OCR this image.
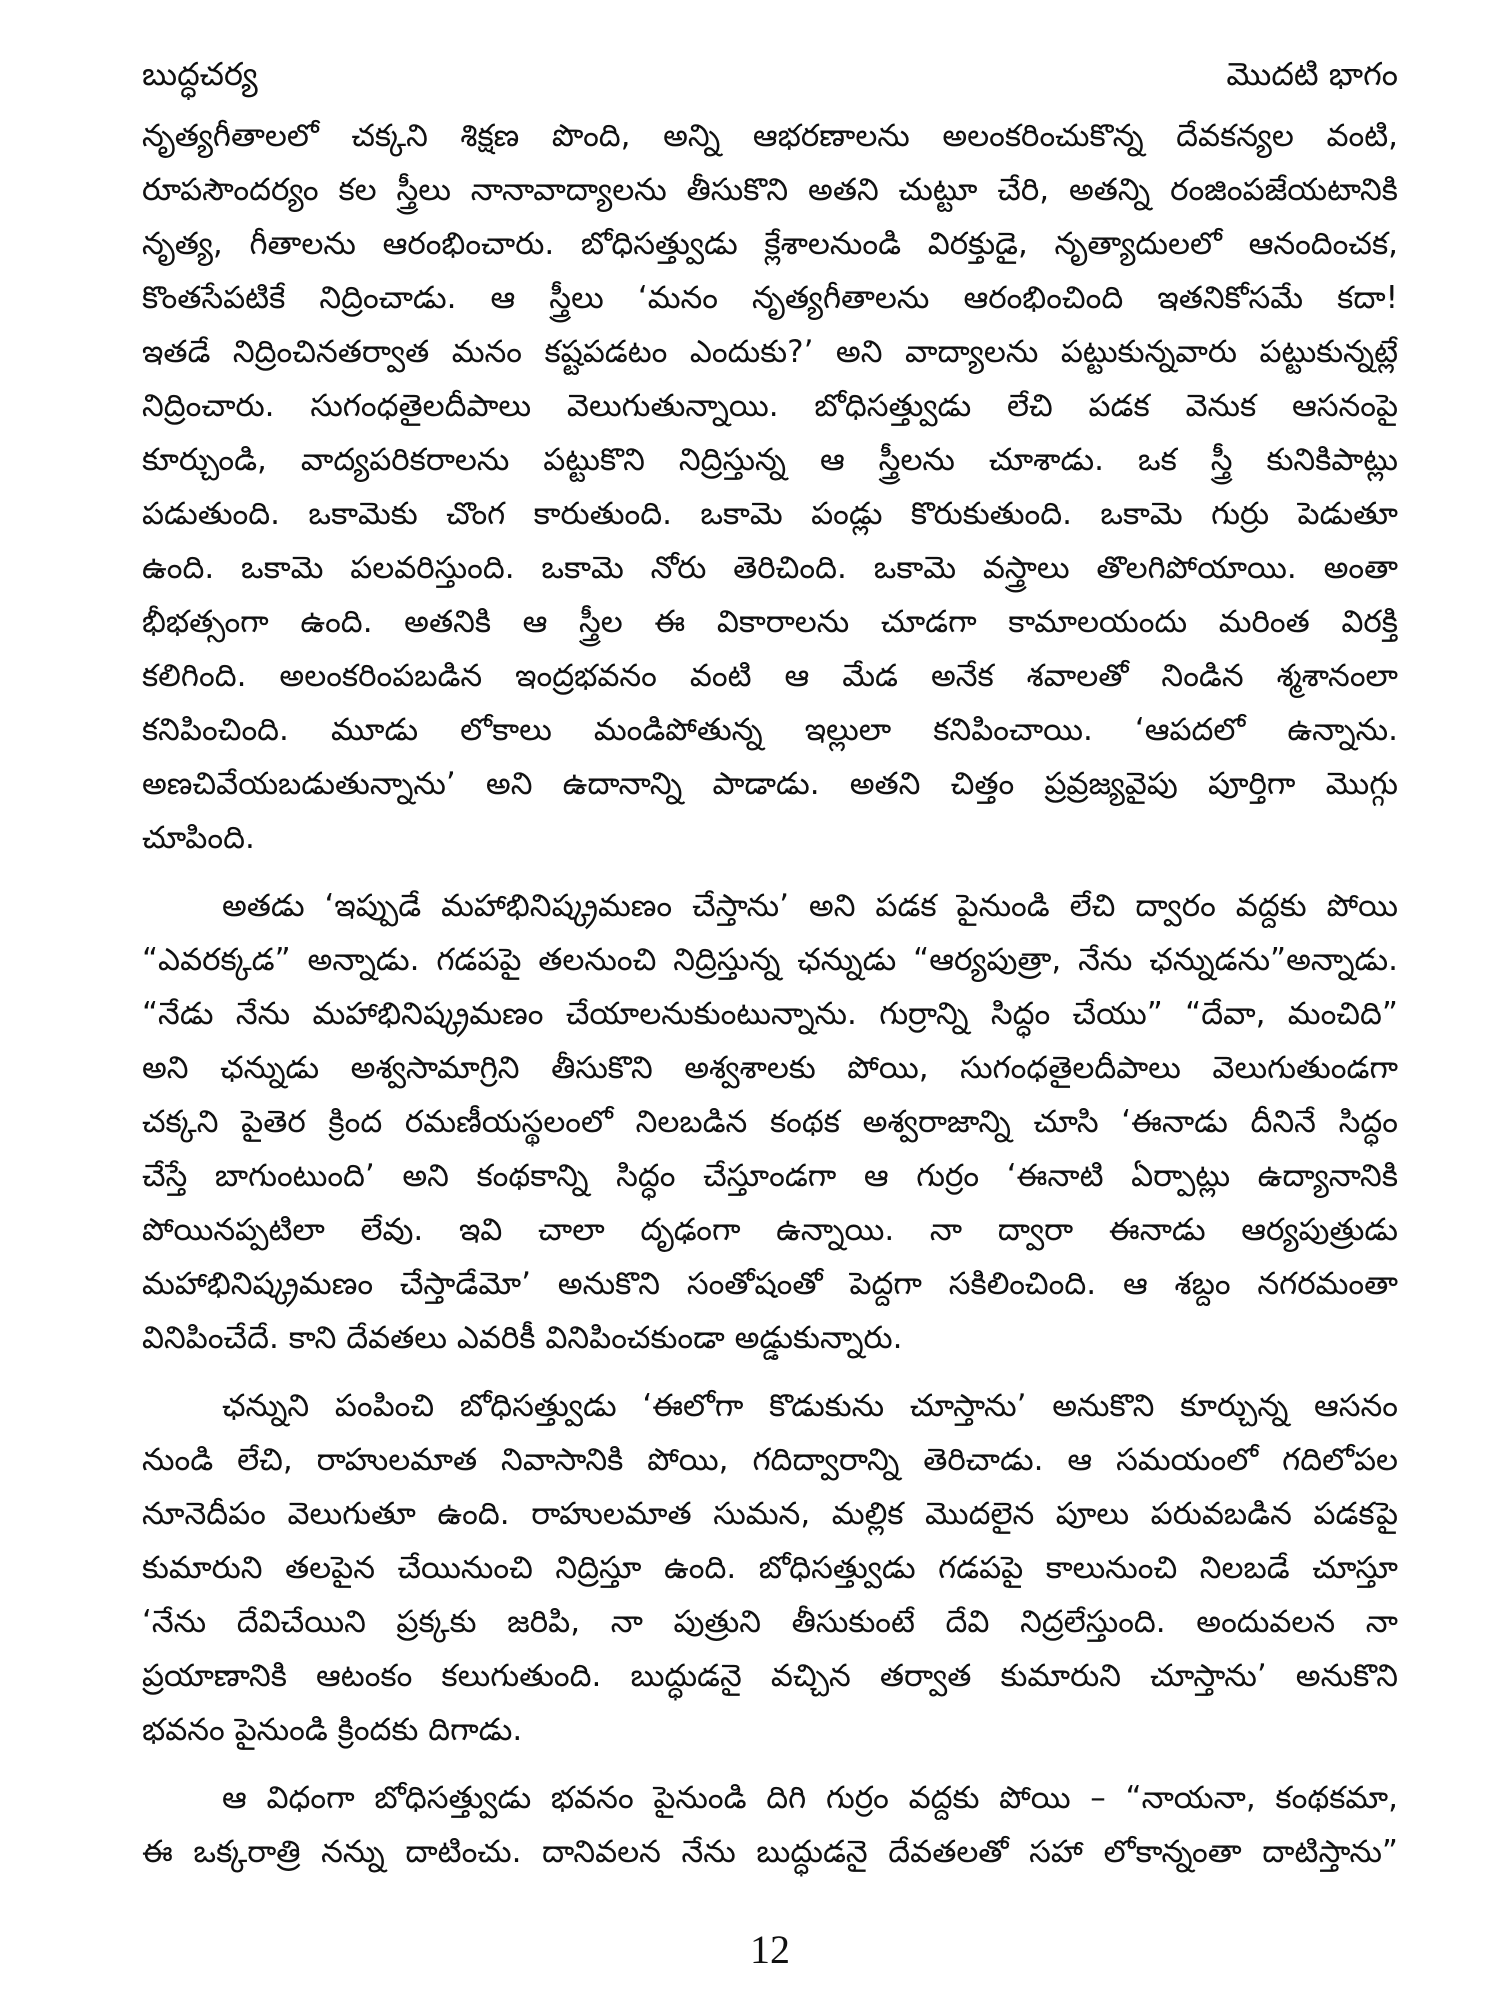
బుద్ధచర్య	మొదటి భాగం
నృత్యగీతాలలో చక్కని శిక్షణ పొంది, అన్ని ఆభరణాలను అలంకరించుకొన్న దేవకన్యల వంటి,
రూపసౌందర్యం కల స్త్రీలు నానావాద్యాలను తీసుకొని అతని చుట్టూ చేరి, అతన్ని రంజింపజేయటానికి
నృత్య, గీతాలను ఆరంభించారు. బోధిసత్త్వుడు క్లేశాలనుండి విరక్తుడై, నృత్యాదులలో ఆనందించక,
కొంతసేపటికే నిద్రించాడు. ఆ స్త్రీలు ‘మనం నృత్యగీతాలను ఆరంభించింది ఇతనికోసమే కదా!
ఇతడే నిద్రించినతర్వాత మనం కష్టపడటం ఎందుకు?’ అని వాద్యాలను పట్టుకున్నవారు పట్టుకున్నట్లే
నిద్రించారు. సుగంధతైలదీపాలు వెలుగుతున్నాయి. బోధిసత్త్వుడు లేచి పడక వెనుక ఆసనంపై
కూర్చుండి, వాద్యపరికరాలను పట్టుకొని నిద్రిస్తున్న ఆ స్త్రీలను చూశాడు. ఒక స్త్రీ కునికిపాట్లు
పడుతుంది. ఒకామెకు చొంగ కారుతుంది. ఒకామె పండ్లు కొరుకుతుంది. ఒకామె గుర్రు పెడుతూ
ఉంది. ఒకామె పలవరిస్తుంది. ఒకామె నోరు తెరిచింది. ఒకామె వస్త్రాలు తొలగిపోయాయి. అంతా
భీభత్సంగా ఉంది. అతనికి ఆ స్త్రీల ఈ వికారాలను చూడగా కామాలయందు మరింత విరక్తి
కలిగింది. అలంకరింపబడిన ఇంద్రభవనం వంటి ఆ మేడ అనేక శవాలతో నిండిన శ్మశానంలా
కనిపించింది. మూడు లోకాలు మండిపోతున్న ఇల్లులా కనిపించాయి. ‘ఆపదలో ఉన్నాను.
అణచివేయబడుతున్నాను’ అని ఉదానాన్ని పాడాడు. అతని చిత్తం ప్రవ్రజ్యవైపు పూర్తిగా మొగ్గు
చూపింది.
అతడు ‘ఇప్పుడే మహాభినిష్క్రమణం చేస్తాను’ అని పడక పైనుండి లేచి ద్వారం వద్దకు పోయి
“ఎవరక్కడ” అన్నాడు. గడపపై తలనుంచి నిద్రిస్తున్న ఛన్నుడు “ఆర్యపుత్రా, నేను ఛన్నుడను”అన్నాడు.
“నేడు నేను మహాభినిష్క్రమణం చేయాలనుకుంటున్నాను. గుర్రాన్ని సిద్ధం చేయు” “దేవా, మంచిది”
అని ఛన్నుడు అశ్వసామాగ్రిని తీసుకొని అశ్వశాలకు పోయి, సుగంధతైలదీపాలు వెలుగుతుండగా
చక్కని పైతెర క్రింద రమణీయస్థలంలో నిలబడిన కంథక అశ్వరాజాన్ని చూసి ‘ఈనాడు దీనినే సిద్ధం
చేస్తే బాగుంటుంది’ అని కంథకాన్ని సిద్ధం చేస్తూండగా ఆ గుర్రం ‘ఈనాటి ఏర్పాట్లు ఉద్యానానికి
పోయినప్పటిలా లేవు. ఇవి చాలా దృఢంగా ఉన్నాయి. నా ద్వారా ఈనాడు ఆర్యపుత్రుడు
మహాభినిష్క్రమణం చేస్తాడేమో’ అనుకొని సంతోషంతో పెద్దగా సకిలించింది. ఆ శబ్దం నగరమంతా
వినిపించేదే. కాని దేవతలు ఎవరికీ వినిపించకుండా అడ్డుకున్నారు.
ఛన్నుని పంపించి బోధిసత్త్వుడు ‘ఈలోగా కొడుకును చూస్తాను’ అనుకొని కూర్చున్న ఆసనం
నుండి లేచి, రాహులమాత నివాసానికి పోయి, గదిద్వారాన్ని తెరిచాడు. ఆ సమయంలో గదిలోపల
నూనెదీపం వెలుగుతూ ఉంది. రాహులమాత సుమన, మల్లిక మొదలైన పూలు పరువబడిన పడకపై
కుమారుని తలపైన చేయినుంచి నిద్రిస్తూ ఉంది. బోధిసత్త్వుడు గడపపై కాలునుంచి నిలబడే చూస్తూ
‘నేను దేవిచేయిని ప్రక్కకు జరిపి, నా పుత్రుని తీసుకుంటే దేవి నిద్రలేస్తుంది. అందువలన నా
ప్రయాణానికి ఆటంకం కలుగుతుంది. బుద్ధుడనై వచ్చిన తర్వాత కుమారుని చూస్తాను’ అనుకొని
భవనం పైనుండి క్రిందకు దిగాడు.
ఆ విధంగా బోధిసత్త్వుడు భవనం పైనుండి దిగి గుర్రం వద్దకు పోయి – “నాయనా, కంథకమా,
ఈ ఒక్కరాత్రి నన్ను దాటించు. దానివలన నేను బుద్ధుడనై దేవతలతో సహా లోకాన్నంతా దాటిస్తాను”
12
